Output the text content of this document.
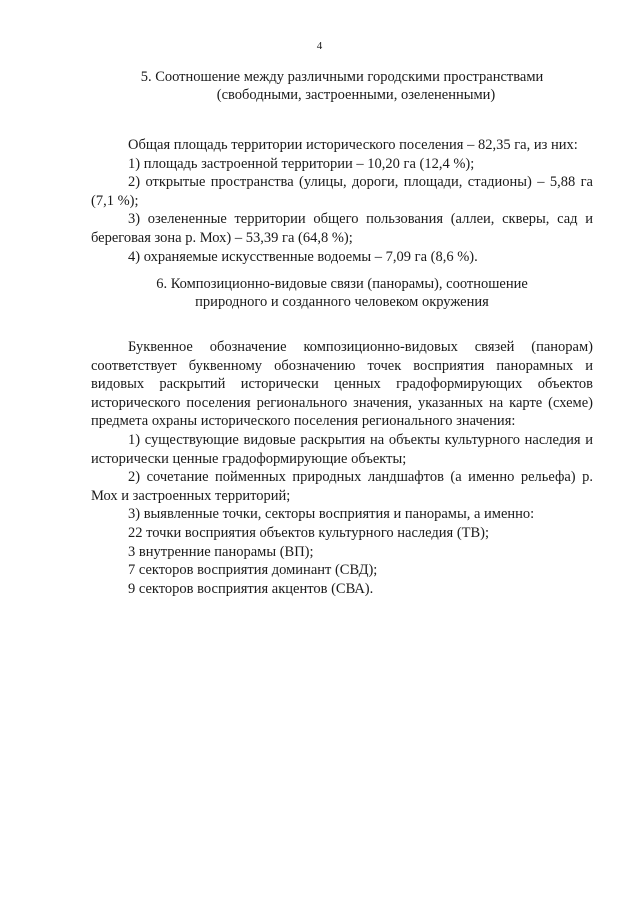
4
5. Соотношение между различными городскими пространствами
(свободными, застроенными, озелененными)

Общая площадь территории исторического поселения – 82,35 га, из них:

1) площадь застроенной территории – 10,20 га (12,4 %);

2) открытые пространства (улицы, дороги, площади, стадионы) – 5,88 га (7,1 %);

3) озелененные территории общего пользования (аллеи, скверы, сад и береговая зона р. Мох) – 53,39 га (64,8 %);

4) охраняемые искусственные водоемы – 7,09 га (8,6 %).

6. Композиционно-видовые связи (панорамы), соотношение
природного и созданного человеком окружения

Буквенное обозначение композиционно-видовых связей (панорам) соответствует буквенному обозначению точек восприятия панорамных и видовых раскрытий исторически ценных градоформирующих объектов исторического поселения регионального значения, указанных на карте (схеме) предмета охраны исторического поселения регионального значения:

1) существующие видовые раскрытия на объекты культурного наследия и исторически ценные градоформирующие объекты;

2) сочетание пойменных природных ландшафтов (а именно рельефа) р. Мох и застроенных территорий;

3) выявленные точки, секторы восприятия и панорамы, а именно:

22 точки восприятия объектов культурного наследия (ТВ);

3 внутренние панорамы (ВП);

7 секторов восприятия доминант (СВД);

9 секторов восприятия акцентов (СВА).
